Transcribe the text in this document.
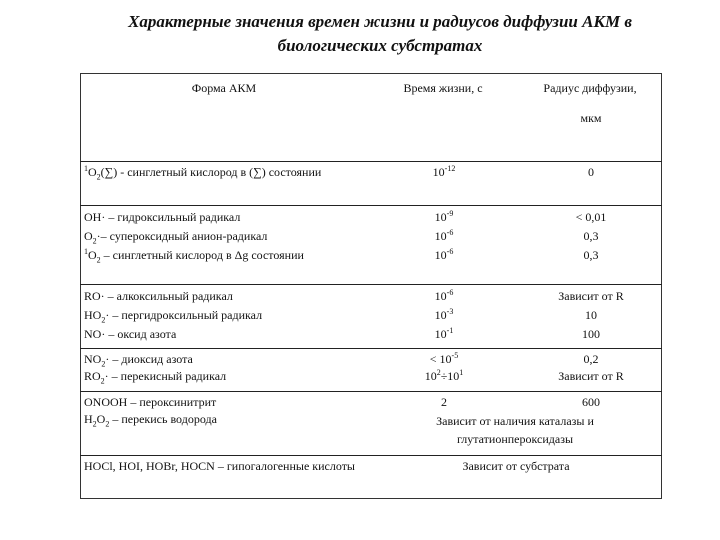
Характерные значения времен жизни и радиусов диффузии АКМ в
биологических субстратах
Форма АКМ	Время жизни, с	Радиус диффузии,
		мкм
$^1O_2(\sum)$ - синглетный кислород в (∑) состоянии	$10^{-12}$	0
OH· – гидроксильный радикал	$10^{-9}$	< 0,01
$O_2\cdot-$ супероксидный анион-радикал	$10^{-6}$	0,3
$^1O_2$ – синглетный кислород в Δg состоянии	$10^{-6}$	0,3
RO· – алкоксильный радикал	$10^{-6}$	Зависит от R
$HO_2\cdot$ – пергидроксильный радикал	$10^{-3}$	10
NO· – оксид азота	$10^{-1}$	100
$NO_2\cdot$ – диоксид азота	< $10^{-5}$	0,2
$RO_2\cdot$ – перекисный радикал	$10^2\div 10^1$	Зависит от R
ONOOH – пероксинитрит	2	600
$H_2O_2$ – перекись водорода	Зависит от наличия каталазы и глутатионпероксидазы	
HOCl, HOI, HOBr, HOCN – гипогалогенные кислоты	Зависит от субстрата	
